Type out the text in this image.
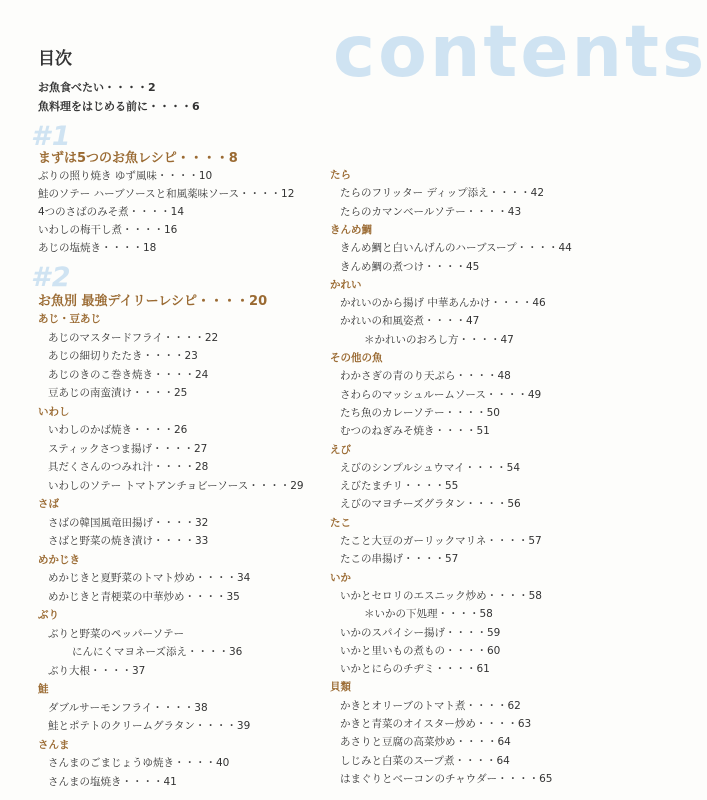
contents
目次
お魚食べたい・・・・2
魚料理をはじめる前に・・・・6
#1
まずは5つのお魚レシピ・・・・8
ぶりの照り焼き ゆず風味・・・・10
鮭のソテー ハーブソースと和風薬味ソース・・・・12
4つのさばのみそ煮・・・・14
いわしの梅干し煮・・・・16
あじの塩焼き・・・・18
#2
お魚別 最強デイリーレシピ・・・・20
あじ・豆あじ
あじのマスタードフライ・・・・22
あじの細切りたたき・・・・23
あじのきのこ巻き焼き・・・・24
豆あじの南蛮漬け・・・・25
いわし
いわしのかば焼き・・・・26
スティックさつま揚げ・・・・27
具だくさんのつみれ汁・・・・28
いわしのソテー トマトアンチョビーソース・・・・29
さば
さばの韓国風竜田揚げ・・・・32
さばと野菜の焼き漬け・・・・33
めかじき
めかじきと夏野菜のトマト炒め・・・・34
めかじきと青梗菜の中華炒め・・・・35
ぶり
ぶりと野菜のペッパーソテー
にんにくマヨネーズ添え・・・・36
ぶり大根・・・・37
鮭
ダブルサーモンフライ・・・・38
鮭とポテトのクリームグラタン・・・・39
さんま
さんまのごまじょうゆ焼き・・・・40
さんまの塩焼き・・・・41
たら
たらのフリッター ディップ添え・・・・42
たらのカマンベールソテー・・・・43
きんめ鯛
きんめ鯛と白いんげんのハーブスープ・・・・44
きんめ鯛の煮つけ・・・・45
かれい
かれいのから揚げ 中華あんかけ・・・・46
かれいの和風姿煮・・・・47
＊かれいのおろし方・・・・47
その他の魚
わかさぎの青のり天ぷら・・・・48
さわらのマッシュルームソース・・・・49
たち魚のカレーソテー・・・・50
むつのねぎみそ焼き・・・・51
えび
えびのシンプルシュウマイ・・・・54
えびたまチリ・・・・55
えびのマヨチーズグラタン・・・・56
たこ
たこと大豆のガーリックマリネ・・・・57
たこの串揚げ・・・・57
いか
いかとセロリのエスニック炒め・・・・58
＊いかの下処理・・・・58
いかのスパイシー揚げ・・・・59
いかと里いもの煮もの・・・・60
いかとにらのチヂミ・・・・61
貝類
かきとオリーブのトマト煮・・・・62
かきと青菜のオイスター炒め・・・・63
あさりと豆腐の高菜炒め・・・・64
しじみと白菜のスープ煮・・・・64
はまぐりとベーコンのチャウダー・・・・65
